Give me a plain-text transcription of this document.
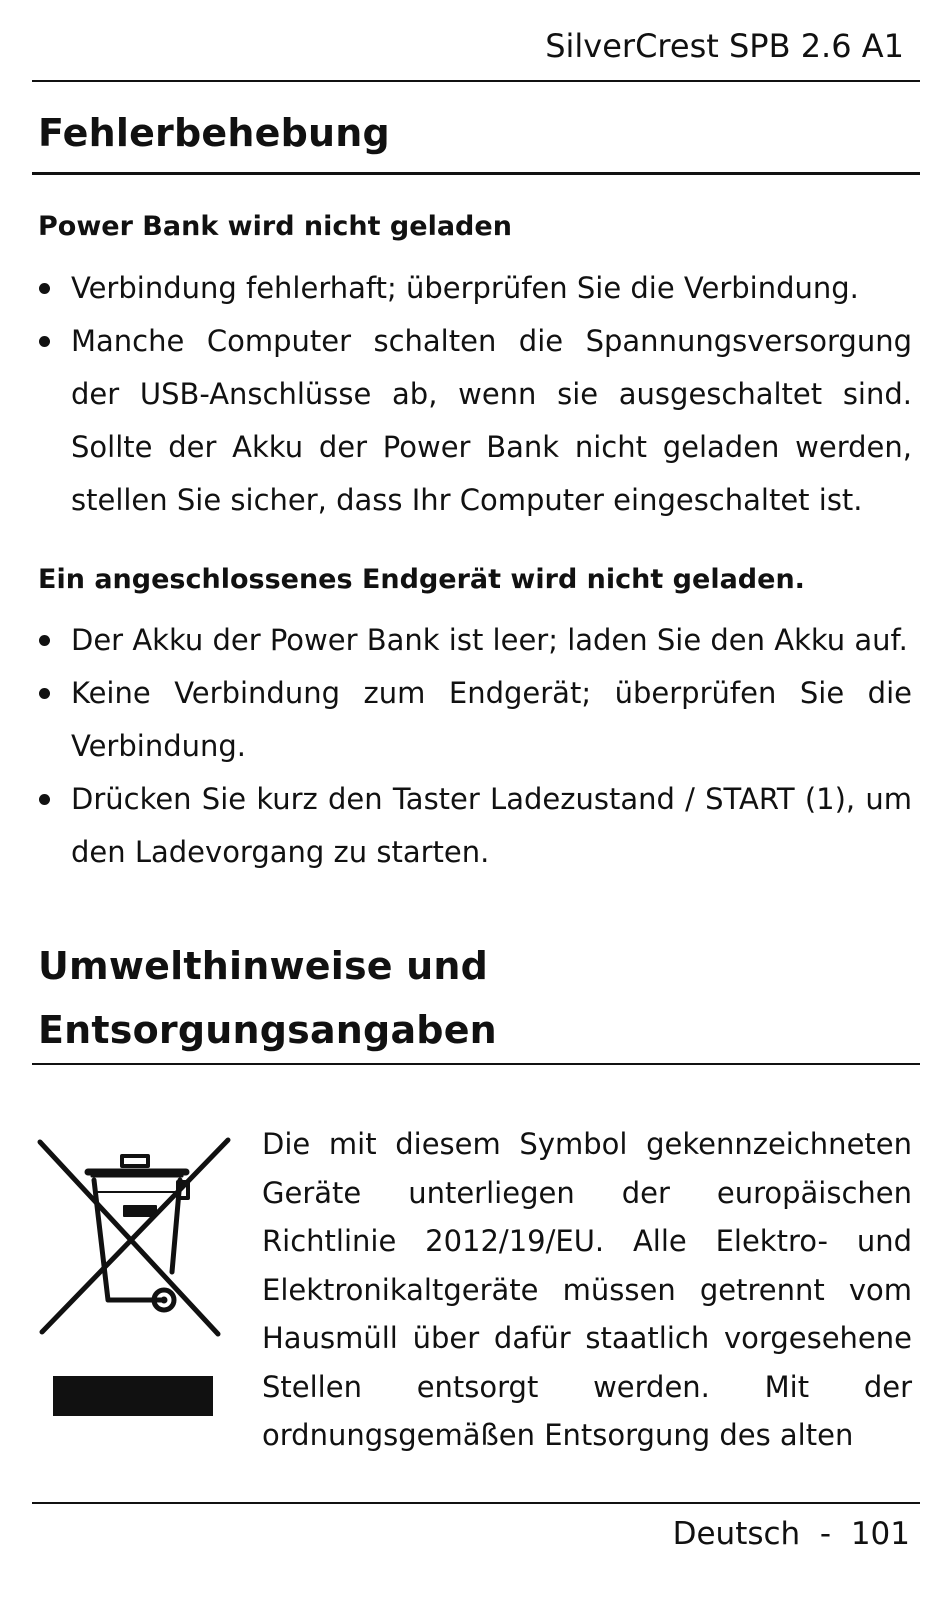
SilverCrest SPB 2.6 A1
Fehlerbehebung
Power Bank wird nicht geladen
Verbindung fehlerhaft; überprüfen Sie die Verbindung.
Manche Computer schalten die Spannungsversorgung der USB-Anschlüsse ab, wenn sie ausgeschaltet sind. Sollte der Akku der Power Bank nicht geladen werden, stellen Sie sicher, dass Ihr Computer eingeschaltet ist.
Ein angeschlossenes Endgerät wird nicht geladen.
Der Akku der Power Bank ist leer; laden Sie den Akku auf.
Keine Verbindung zum Endgerät; überprüfen Sie die Verbindung.
Drücken Sie kurz den Taster Ladezustand / START (1), um den Ladevorgang zu starten.
Umwelthinweise und
Entsorgungsangaben

Die mit diesem Symbol gekennzeichneten Geräte unterliegen der europäischen Richtlinie 2012/19/EU. Alle Elektro- und Elektronikaltgeräte müssen getrennt vom Hausmüll über dafür staatlich vorgesehene Stellen entsorgt werden. Mit der ordnungsgemäßen Entsorgung des alten

Deutsch - 101
